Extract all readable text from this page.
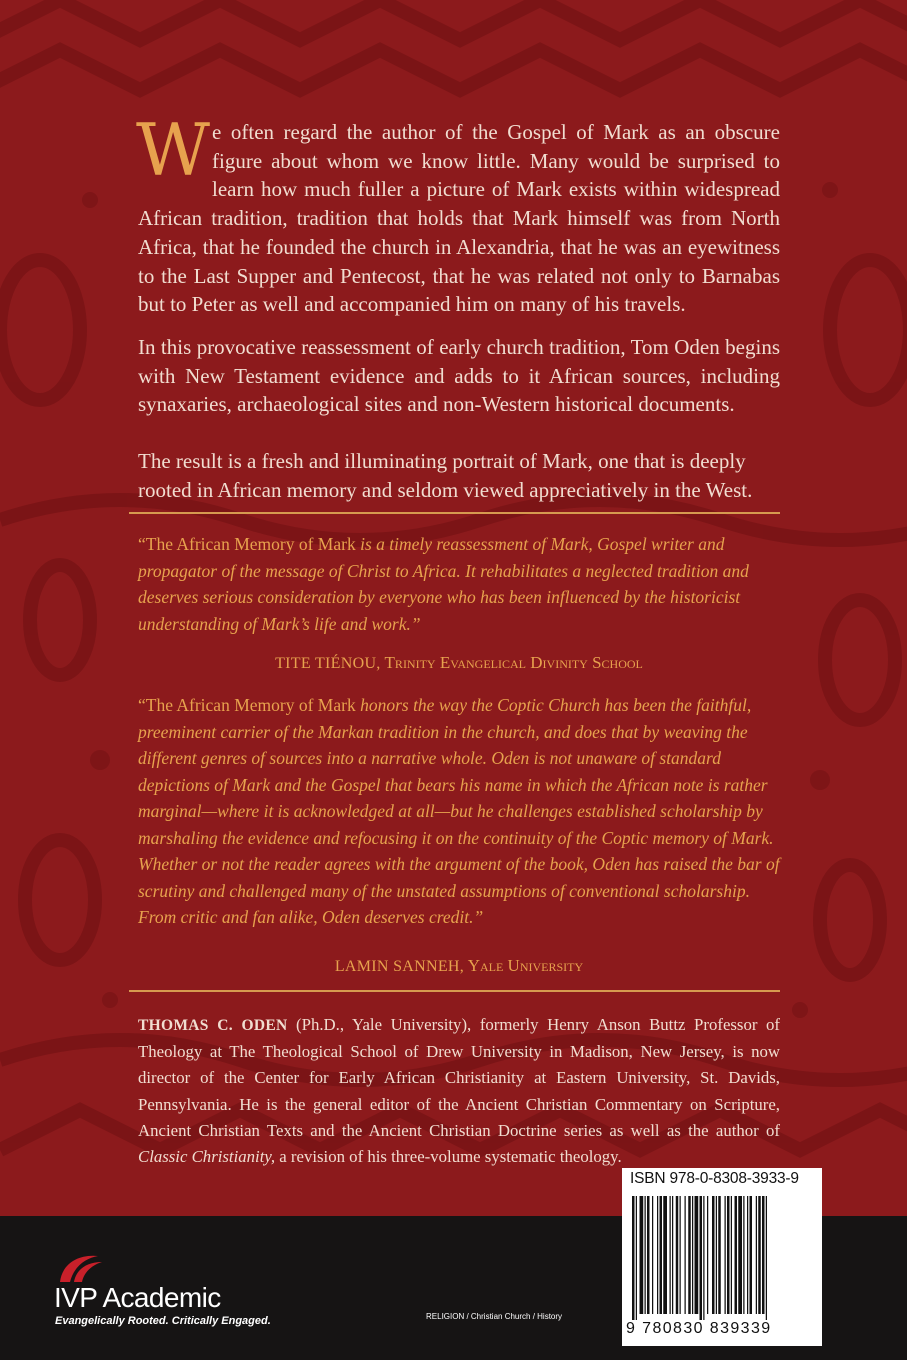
We often regard the author of the Gospel of Mark as an obscure figure about whom we know little. Many would be surprised to learn how much fuller a picture of Mark exists within widespread African tradition, tradition that holds that Mark himself was from North Africa, that he founded the church in Alexandria, that he was an eyewitness to the Last Supper and Pentecost, that he was related not only to Barnabas but to Peter as well and accompanied him on many of his travels.

In this provocative reassessment of early church tradition, Tom Oden begins with New Testament evidence and adds to it African sources, including synaxaries, archaeological sites and non-Western historical documents.

The result is a fresh and illuminating portrait of Mark, one that is deeply rooted in African memory and seldom viewed appreciatively in the West.

“The African Memory of Mark is a timely reassessment of Mark, Gospel writer and propagator of the message of Christ to Africa. It rehabilitates a neglected tradition and deserves serious consideration by everyone who has been influenced by the historicist understanding of Mark’s life and work.”

TITE TIÉNOU, Trinity Evangelical Divinity School

“The African Memory of Mark honors the way the Coptic Church has been the faithful, preeminent carrier of the Markan tradition in the church, and does that by weaving the different genres of sources into a narrative whole. Oden is not unaware of standard depictions of Mark and the Gospel that bears his name in which the African note is rather marginal—where it is acknowledged at all—but he challenges established scholarship by marshaling the evidence and refocusing it on the continuity of the Coptic memory of Mark. Whether or not the reader agrees with the argument of the book, Oden has raised the bar of scrutiny and challenged many of the unstated assumptions of conventional scholarship. From critic and fan alike, Oden deserves credit.”

LAMIN SANNEH, Yale University

THOMAS C. ODEN (Ph.D., Yale University), formerly Henry Anson Buttz Professor of Theology at The Theological School of Drew University in Madison, New Jersey, is now director of the Center for Early African Christianity at Eastern University, St. Davids, Pennsylvania. He is the general editor of the Ancient Christian Commentary on Scripture, Ancient Christian Texts and the Ancient Christian Doctrine series as well as the author of Classic Christianity, a revision of his three-volume systematic theology.

ISBN 978-0-8308-3933-9
9 780830 839339
IVP Academic
Evangelically Rooted. Critically Engaged.	RELIGION / Christian Church / History
